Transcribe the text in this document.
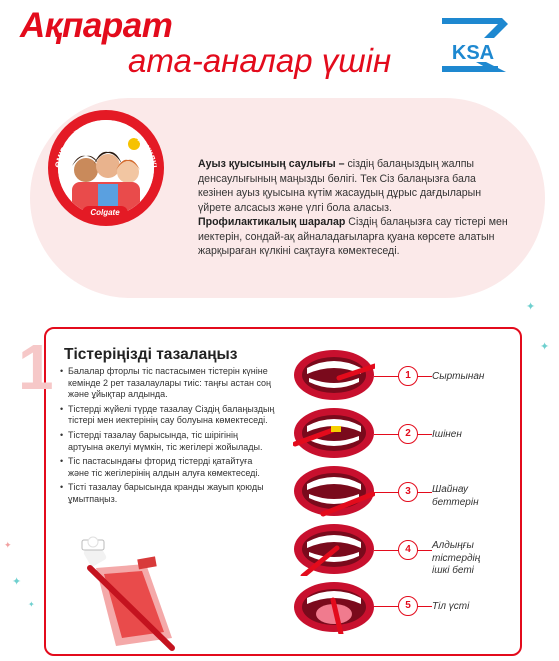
Ақпарат
ата-аналар үшін	KSA
ӨМІР БОЙЫ ЖАРҚЫРАҒАН КҮЛКІ
Colgate
Ауыз қуысының саулығы – сіздің балаңыздың жалпы денсаулығының маңызды бөлігі. Тек Сіз балаңызға бала кезінен ауыз қуысына күтім жасаудың дұрыс дағдыларын үйрете алсасыз және үлгі бола аласыз.
Профилактикалық шаралар Сіздің балаңызға сау тістері мен иектерін, сондай-ақ айналадағыларға қуана көрсете алатын жарқыраған күлкіні сақтауға көмектеседі.
✦
✦
✦
✦
✦
1 Тістеріңізді тазалаңыз
• Балалар фторлы тіс пастасымен тістерін күніне кемінде 2 рет тазалаулары тиіс: таңғы астан соң және ұйықтар алдында.
• Тістерді жүйелі түрде тазалау Сіздің балаңыздың тістері мен иектерінің сау болуына көмектеседі.
• Тістерді тазалау барысында, тіс шірігінің артуына әкелуі мүмкін, тіс жегілері жойылады.
• Тіс пастасындағы фторид тістерді қатайтуға және тіс жегілерінің алдын алуға көмектеседі.
• Тісті тазалау барысында кранды жауып қоюды ұмытпаңыз.
1	Сыртынан
2	Ішінен
3	Шайнау беттерін
4	Алдыңғы тістердің ішкі беті
5	Тіл үсті
